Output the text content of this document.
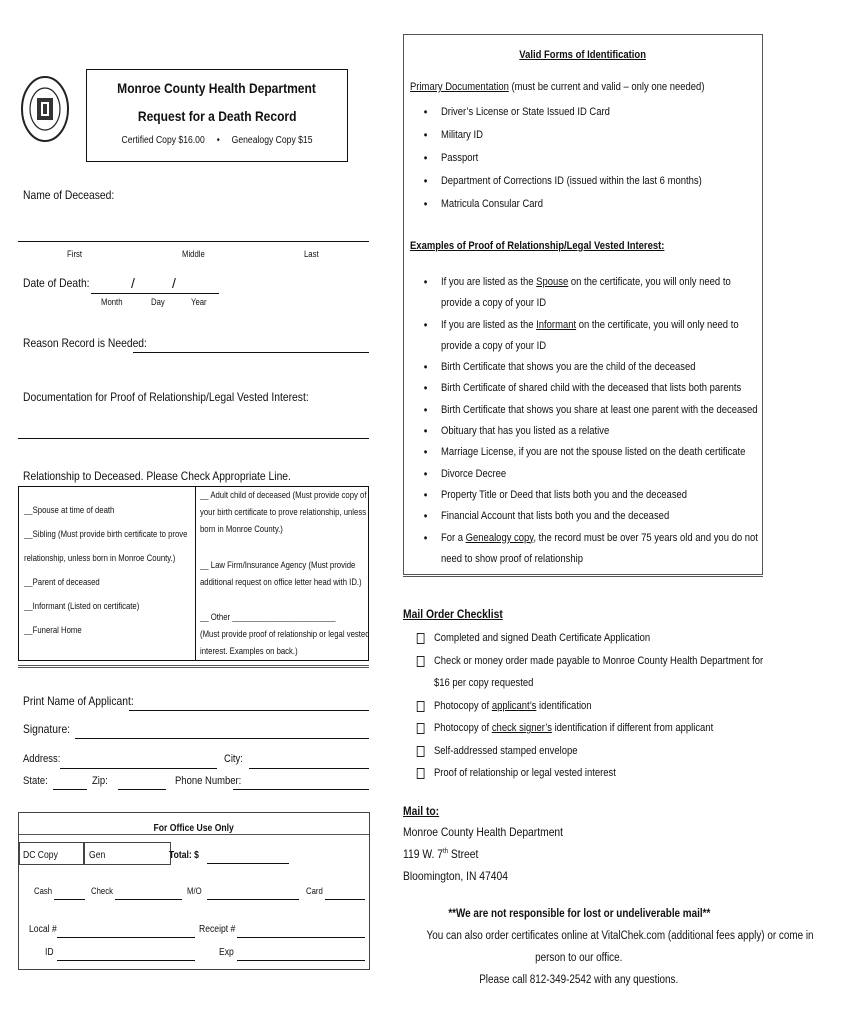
Monroe County Health Department
Request for a Death Record
Certified Copy $16.00 • Genealogy Copy $15
Name of Deceased:
First	Middle	Last
Date of Death:	/	/
Month	Day	Year
Reason Record is Needed:
Documentation for Proof of Relationship/Legal Vested Interest:
Relationship to Deceased. Please Check Appropriate Line.
__Spouse at time of death
__Sibling (Must provide birth certificate to prove
relationship, unless born in Monroe County.)
__Parent of deceased
__Informant (Listed on certificate)
__Funeral Home
__ Adult child of deceased (Must provide copy of
your birth certificate to prove relationship, unless
born in Monroe County.)
__ Law Firm/Insurance Agency (Must provide
additional request on office letter head with ID.)
__ Other ________________________
(Must provide proof of relationship or legal vested
interest. Examples on back.)
Print Name of Applicant:
Signature:
Address:	City:
State:	Zip:	Phone Number:
For Office Use Only
DC Copy	Gen	Total: $
Cash	Check	M/O	Card
Local #	Receipt #
ID	Exp
Valid Forms of Identification
Primary Documentation (must be current and valid – only one needed)
• Driver’s License or State Issued ID Card
• Military ID
• Passport
• Department of Corrections ID (issued within the last 6 months)
• Matricula Consular Card
Examples of Proof of Relationship/Legal Vested Interest:
• If you are listed as the Spouse on the certificate, you will only need to
provide a copy of your ID
• If you are listed as the Informant on the certificate, you will only need to
provide a copy of your ID
• Birth Certificate that shows you are the child of the deceased
• Birth Certificate of shared child with the deceased that lists both parents
• Birth Certificate that shows you share at least one parent with the deceased
• Obituary that has you listed as a relative
• Marriage License, if you are not the spouse listed on the death certificate
• Divorce Decree
• Property Title or Deed that lists both you and the deceased
• Financial Account that lists both you and the deceased
• For a Genealogy copy, the record must be over 75 years old and you do not
need to show proof of relationship
Mail Order Checklist
Completed and signed Death Certificate Application
Check or money order made payable to Monroe County Health Department for
$16 per copy requested
Photocopy of applicant’s identification
Photocopy of check signer’s identification if different from applicant
Self-addressed stamped envelope
Proof of relationship or legal vested interest
Mail to:
Monroe County Health Department
119 W. 7th Street
Bloomington, IN 47404
**We are not responsible for lost or undeliverable mail**
You can also order certificates online at VitalChek.com (additional fees apply) or come in
person to our office.
Please call 812-349-2542 with any questions.
